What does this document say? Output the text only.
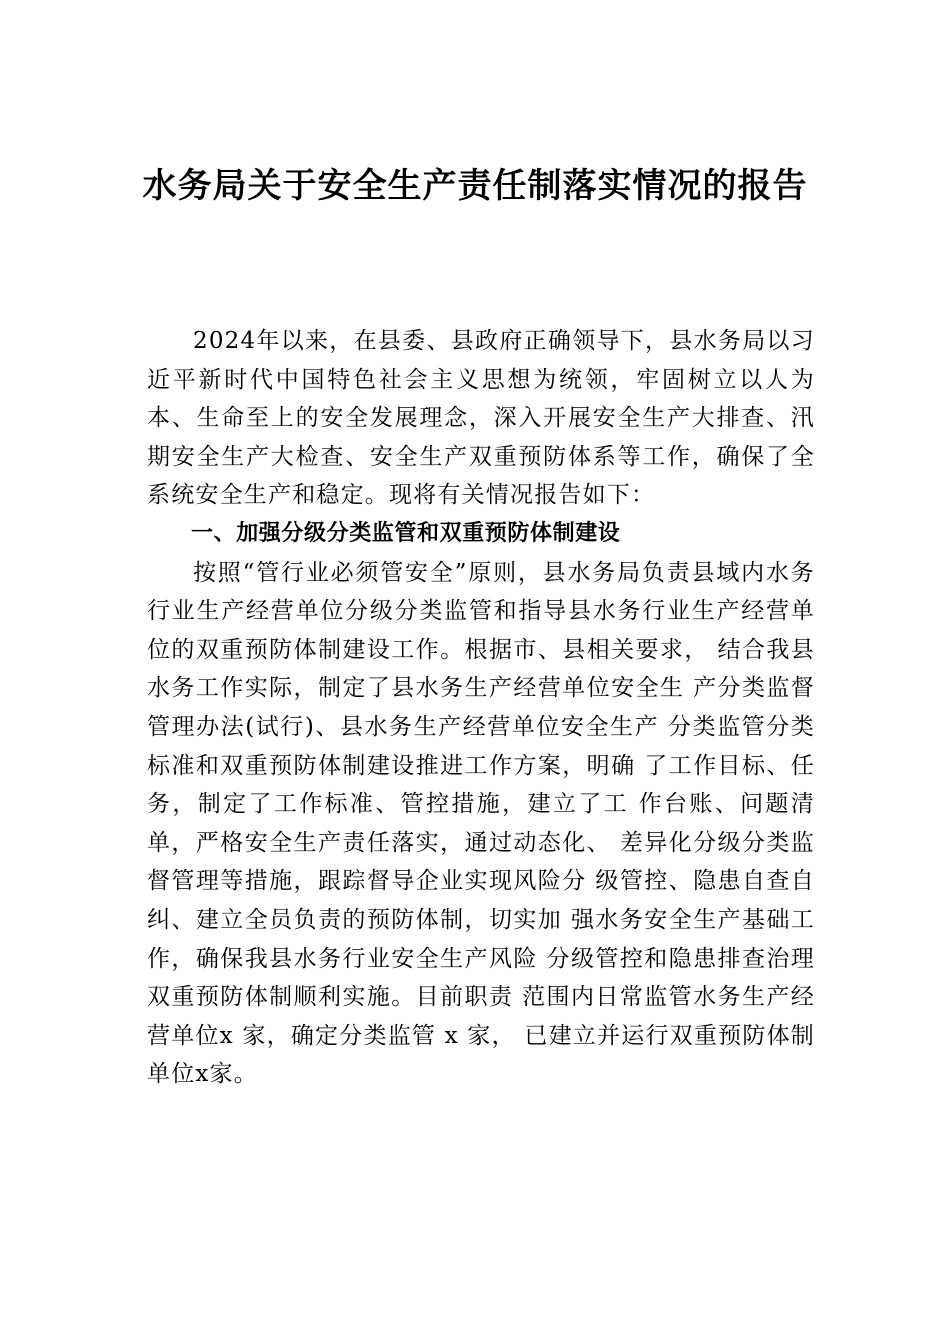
水务局关于安全生产责任制落实情况的报告

2024年以来，在县委、县政府正确领导下，县水务局以习近平新时代中国特色社会主义思想为统领，牢固树立以人为本、生命至上的安全发展理念，深入开展安全生产大排查、汛期安全生产大检查、安全生产双重预防体系等工作，确保了全系统安全生产和稳定。现将有关情况报告如下：

一、加强分级分类监管和双重预防体制建设

按照“管行业必须管安全”原则，县水务局负责县域内水务行业生产经营单位分级分类监管和指导县水务行业生产经营单位的双重预防体制建设工作。根据市、县相关要求， 结合我县水务工作实际，制定了县水务生产经营单位安全生 产分类监督管理办法(试行)、县水务生产经营单位安全生产 分类监管分类标准和双重预防体制建设推进工作方案，明确 了工作目标、任务，制定了工作标准、管控措施，建立了工 作台账、问题清单，严格安全生产责任落实，通过动态化、 差异化分级分类监督管理等措施，跟踪督导企业实现风险分 级管控、隐患自查自纠、建立全员负责的预防体制，切实加 强水务安全生产基础工作，确保我县水务行业安全生产风险 分级管控和隐患排查治理双重预防体制顺利实施。目前职责 范围内日常监管水务生产经营单位x 家，确定分类监管 x 家， 已建立并运行双重预防体制单位x家。
